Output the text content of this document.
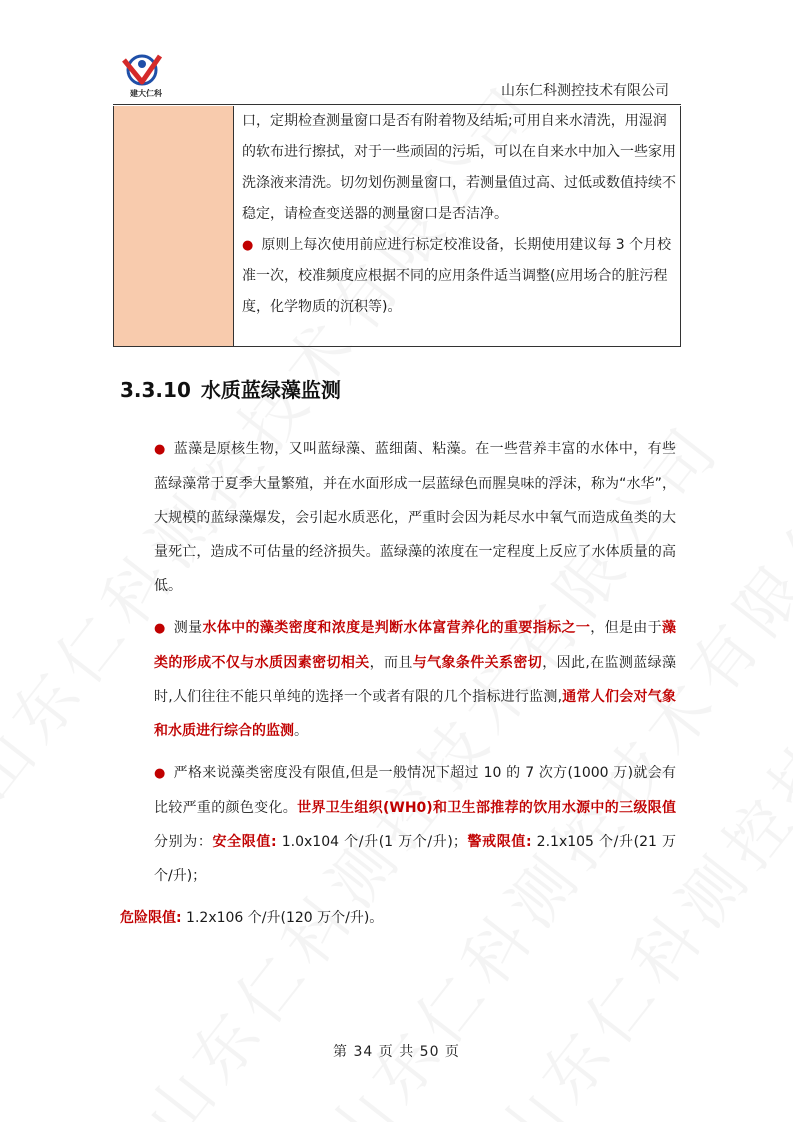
建大仁科	山东仁科测控技术有限公司

口，定期检查测量窗口是否有附着物及结垢;可用自来水清洗，用湿润的软布进行擦拭，对于一些顽固的污垢，可以在自来水中加入一些家用洗涤液来清洗。切勿划伤测量窗口，若测量值过高、过低或数值持续不稳定，请检查变送器的测量窗口是否洁净。

● 原则上每次使用前应进行标定校准设备，长期使用建议每 3 个月校准一次，校准频度应根据不同的应用条件适当调整(应用场合的脏污程度，化学物质的沉积等)。

3.3.10 水质蓝绿藻监测

● 蓝藻是原核生物，又叫蓝绿藻、蓝细菌、粘藻。在一些营养丰富的水体中，有些蓝绿藻常于夏季大量繁殖，并在水面形成一层蓝绿色而腥臭味的浮沫，称为“水华”，大规模的蓝绿藻爆发，会引起水质恶化，严重时会因为耗尽水中氧气而造成鱼类的大量死亡，造成不可估量的经济损失。蓝绿藻的浓度在一定程度上反应了水体质量的高低。

● 测量水体中的藻类密度和浓度是判断水体富营养化的重要指标之一，但是由于藻类的形成不仅与水质因素密切相关，而且与气象条件关系密切，因此,在监测蓝绿藻时,人们往往不能只单纯的选择一个或者有限的几个指标进行监测,通常人们会对气象和水质进行综合的监测。

● 严格来说藻类密度没有限值,但是一般情况下超过 10 的 7 次方(1000 万)就会有比较严重的颜色变化。世界卫生组织(WH0)和卫生部推荐的饮用水源中的三级限值分别为：安全限值: 1.0x104 个/升(1 万个/升)；警戒限值: 2.1x105 个/升(21 万个/升)；

危险限值: 1.2x106 个/升(120 万个/升)。

第 34 页 共 50 页
